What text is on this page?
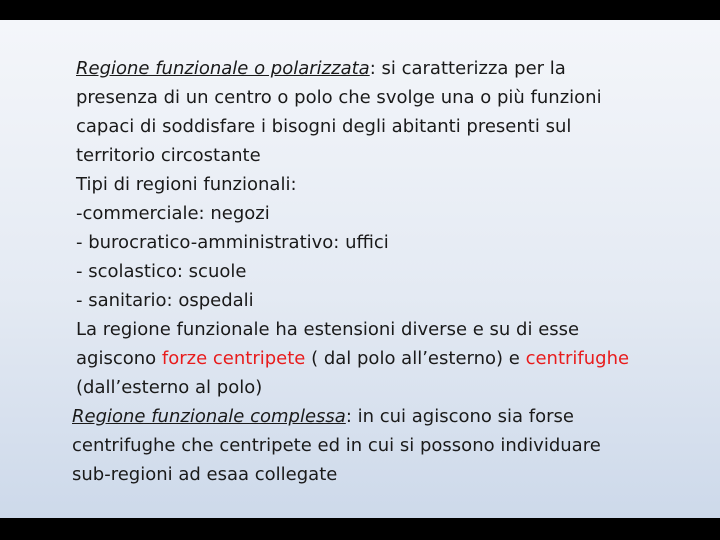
Regione funzionale o polarizzata: si caratterizza per la
presenza di un centro o polo che svolge una o più funzioni
capaci di soddisfare i bisogni degli abitanti presenti sul
territorio circostante
Tipi di regioni funzionali:
-commerciale: negozi
- burocratico-amministrativo: uffici
- scolastico: scuole
- sanitario: ospedali
La regione funzionale ha estensioni diverse e su di esse
agiscono forze centripete ( dal polo all’esterno) e centrifughe
(dall’esterno al polo)
Regione funzionale complessa: in cui agiscono sia forse
centrifughe che centripete ed in cui si possono individuare
sub-regioni ad esaa collegate
